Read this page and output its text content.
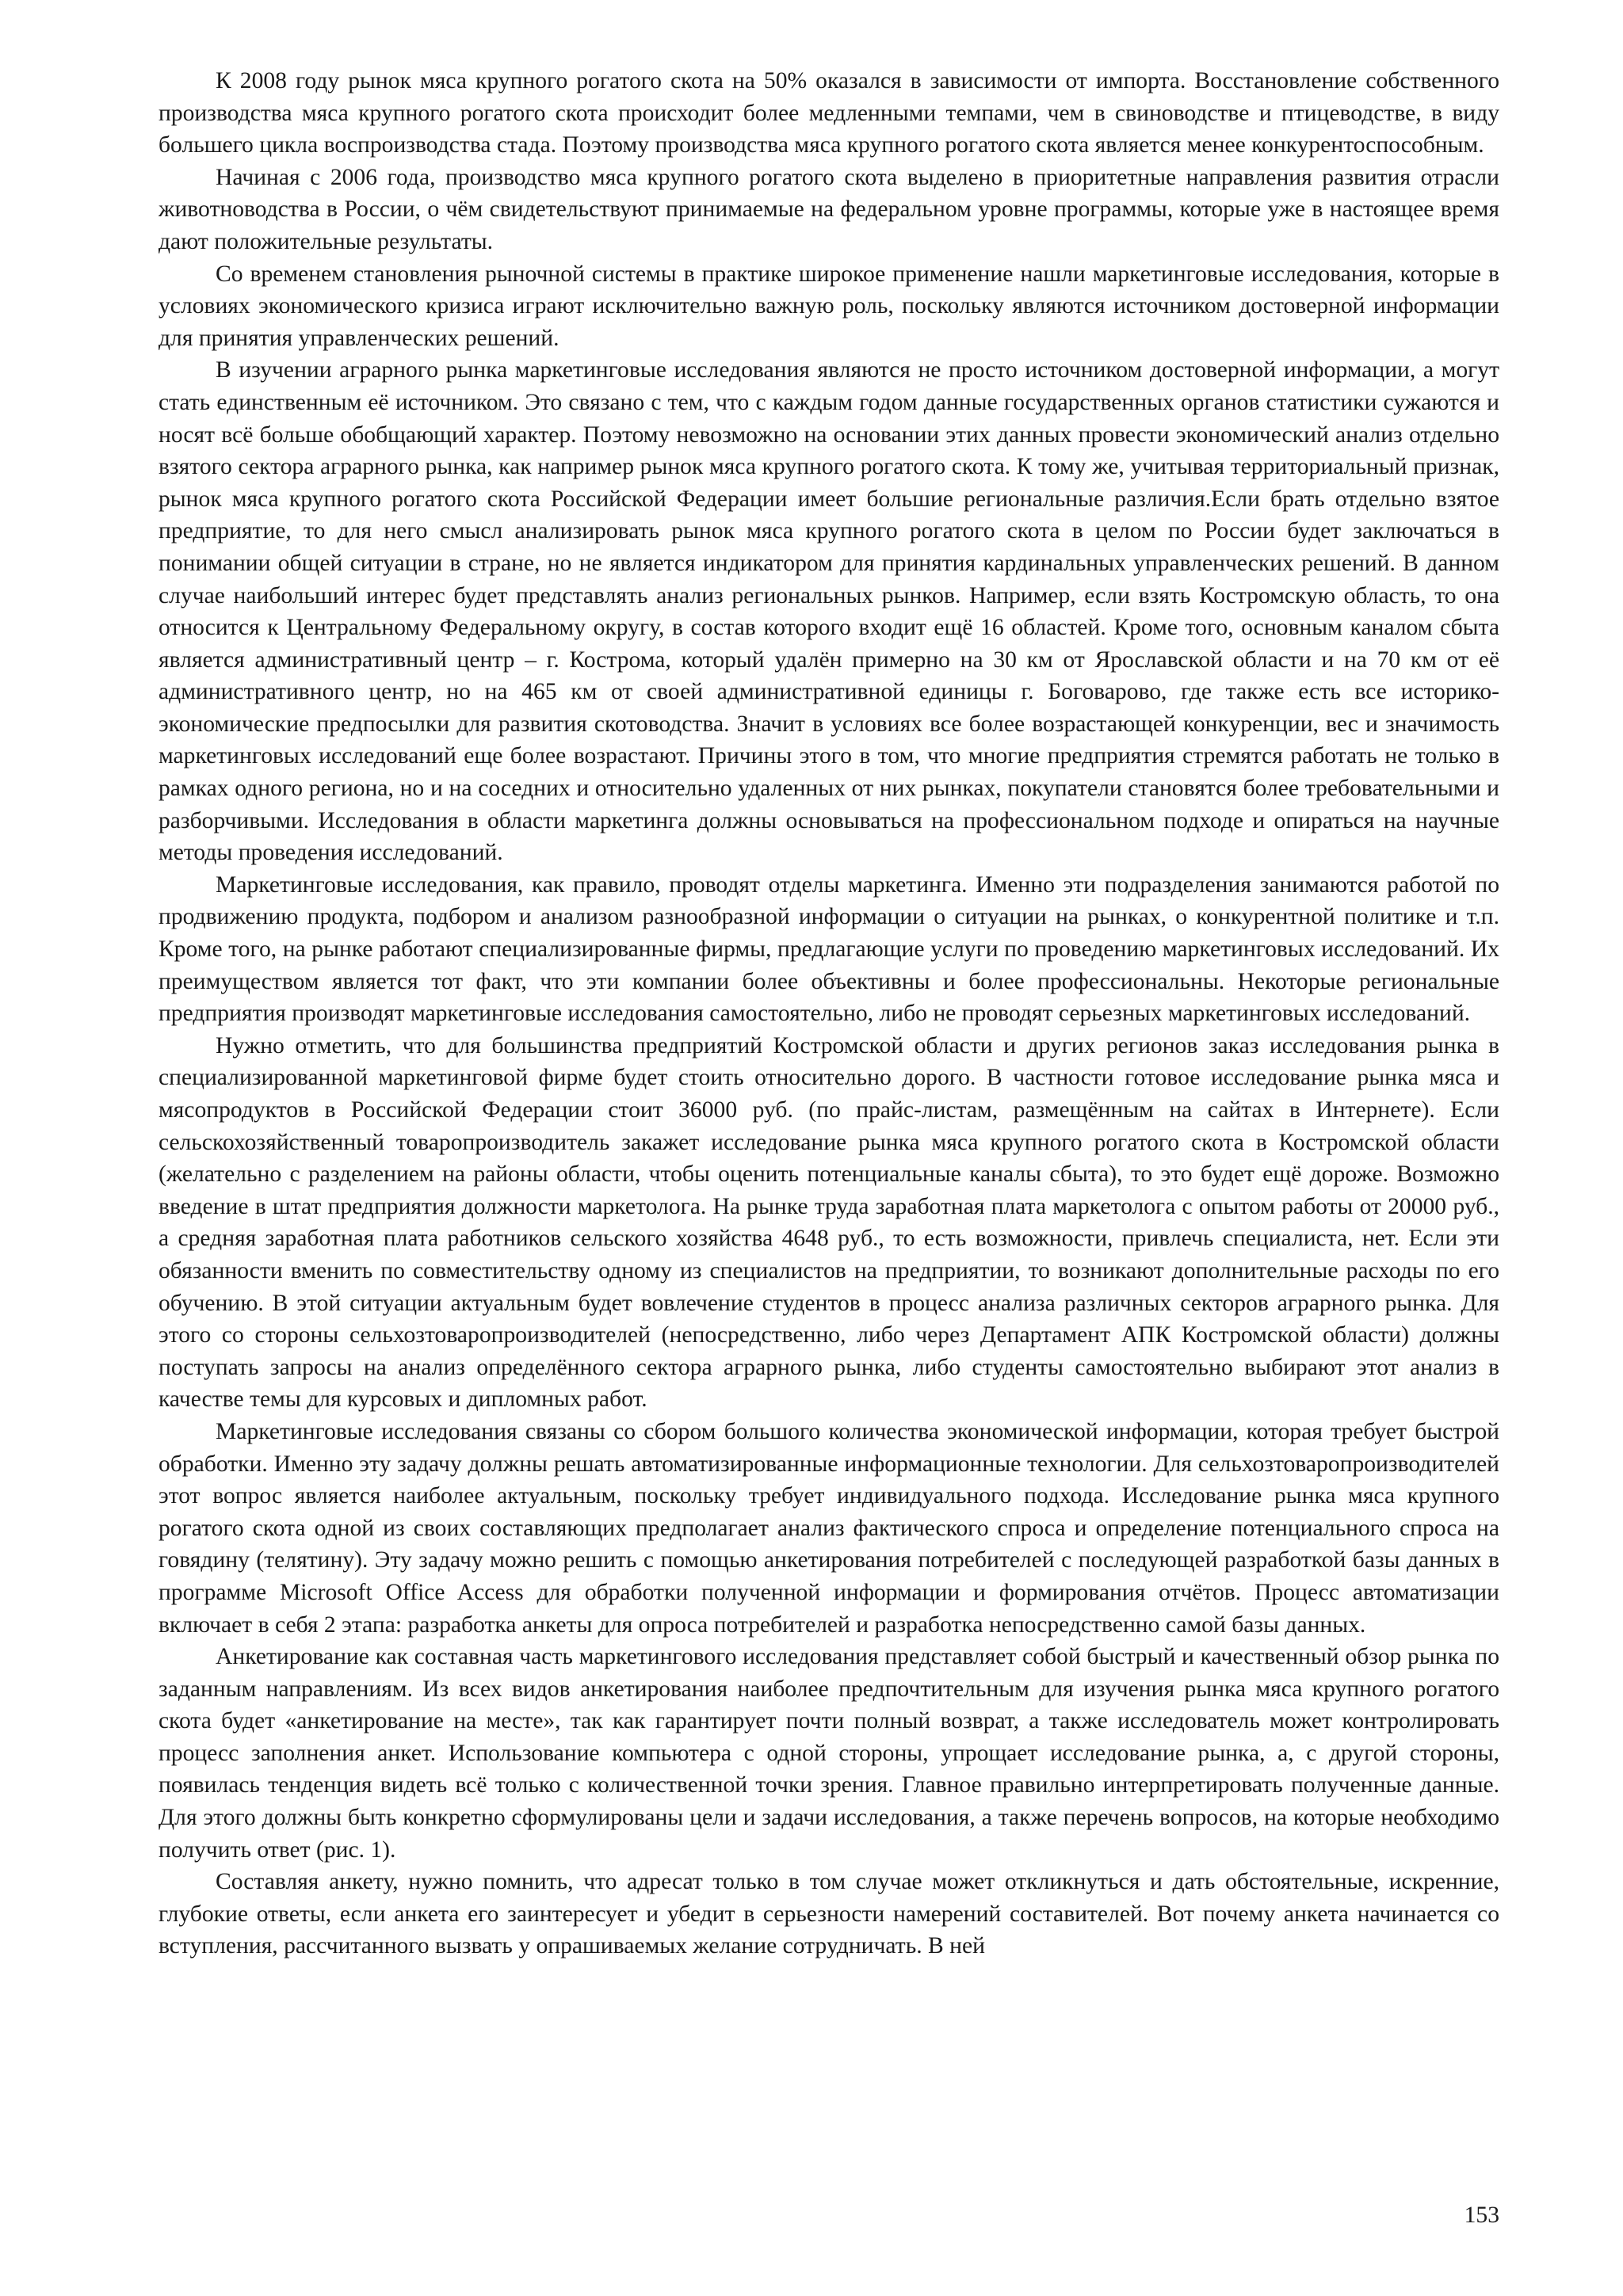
К 2008 году рынок мяса крупного рогатого скота на 50% оказался в зависимости от импорта. Восстановление собственного производства мяса крупного рогатого скота происходит более медленными темпами, чем в свиноводстве и птицеводстве, в виду большего цикла воспроизводства стада. Поэтому производства мяса крупного рогатого скота является менее конкурентоспособным.

Начиная с 2006 года, производство мяса крупного рогатого скота выделено в приоритетные направления развития отрасли животноводства в России, о чём свидетельствуют принимаемые на федеральном уровне программы, которые уже в настоящее время дают положительные результаты.

Со временем становления рыночной системы в практике широкое применение нашли маркетинговые исследования, которые в условиях экономического кризиса играют исключительно важную роль, поскольку являются источником достоверной информации для принятия управленческих решений.

В изучении аграрного рынка маркетинговые исследования являются не просто источником достоверной информации, а могут стать единственным её источником. Это связано с тем, что с каждым годом данные государственных органов статистики сужаются и носят всё больше обобщающий характер. Поэтому невозможно на основании этих данных провести экономический анализ отдельно взятого сектора аграрного рынка, как например рынок мяса крупного рогатого скота. К тому же, учитывая территориальный признак, рынок мяса крупного рогатого скота Российской Федерации имеет большие региональные различия.Если брать отдельно взятое предприятие, то для него смысл анализировать рынок мяса крупного рогатого скота в целом по России будет заключаться в понимании общей ситуации в стране, но не является индикатором для принятия кардинальных управленческих решений. В данном случае наибольший интерес будет представлять анализ региональных рынков. Например, если взять Костромскую область, то она относится к Центральному Федеральному округу, в состав которого входит ещё 16 областей. Кроме того, основным каналом сбыта является административный центр – г. Кострома, который удалён примерно на 30 км от Ярославской области и на 70 км от её административного центр, но на 465 км от своей административной единицы г. Боговарово, где также есть все историко-экономические предпосылки для развития скотоводства. Значит в условиях все более возрастающей конкуренции, вес и значимость маркетинговых исследований еще более возрастают. Причины этого в том, что многие предприятия стремятся работать не только в рамках одного региона, но и на соседних и относительно удаленных от них рынках, покупатели становятся более требовательными и разборчивыми. Исследования в области маркетинга должны основываться на профессиональном подходе и опираться на научные методы проведения исследований.

Маркетинговые исследования, как правило, проводят отделы маркетинга. Именно эти подразделения занимаются работой по продвижению продукта, подбором и анализом разнообразной информации о ситуации на рынках, о конкурентной политике и т.п. Кроме того, на рынке работают специализированные фирмы, предлагающие услуги по проведению маркетинговых исследований. Их преимуществом является тот факт, что эти компании более объективны и более профессиональны. Некоторые региональные предприятия производят маркетинговые исследования самостоятельно, либо не проводят серьезных маркетинговых исследований.

Нужно отметить, что для большинства предприятий Костромской области и других регионов заказ исследования рынка в специализированной маркетинговой фирме будет стоить относительно дорого. В частности готовое исследование рынка мяса и мясопродуктов в Российской Федерации стоит 36000 руб. (по прайс-листам, размещённым на сайтах в Интернете). Если сельскохозяйственный товаропроизводитель закажет исследование рынка мяса крупного рогатого скота в Костромской области (желательно с разделением на районы области, чтобы оценить потенциальные каналы сбыта), то это будет ещё дороже. Возможно введение в штат предприятия должности маркетолога. На рынке труда заработная плата маркетолога с опытом работы от 20000 руб., а средняя заработная плата работников сельского хозяйства 4648 руб., то есть возможности, привлечь специалиста, нет. Если эти обязанности вменить по совместительству одному из специалистов на предприятии, то возникают дополнительные расходы по его обучению. В этой ситуации актуальным будет вовлечение студентов в процесс анализа различных секторов аграрного рынка. Для этого со стороны сельхозтоваропроизводителей (непосредственно, либо через Департамент АПК Костромской области) должны поступать запросы на анализ определённого сектора аграрного рынка, либо студенты самостоятельно выбирают этот анализ в качестве темы для курсовых и дипломных работ.

Маркетинговые исследования связаны со сбором большого количества экономической информации, которая требует быстрой обработки. Именно эту задачу должны решать автоматизированные информационные технологии. Для сельхозтоваропроизводителей этот вопрос является наиболее актуальным, поскольку требует индивидуального подхода. Исследование рынка мяса крупного рогатого скота одной из своих составляющих предполагает анализ фактического спроса и определение потенциального спроса на говядину (телятину). Эту задачу можно решить с помощью анкетирования потребителей с последующей разработкой базы данных в программе Microsoft Office Access для обработки полученной информации и формирования отчётов. Процесс автоматизации включает в себя 2 этапа: разработка анкеты для опроса потребителей и разработка непосредственно самой базы данных.

Анкетирование как составная часть маркетингового исследования представляет собой быстрый и качественный обзор рынка по заданным направлениям. Из всех видов анкетирования наиболее предпочтительным для изучения рынка мяса крупного рогатого скота будет «анкетирование на месте», так как гарантирует почти полный возврат, а также исследователь может контролировать процесс заполнения анкет. Использование компьютера с одной стороны, упрощает исследование рынка, а, с другой стороны, появилась тенденция видеть всё только с количественной точки зрения. Главное правильно интерпретировать полученные данные. Для этого должны быть конкретно сформулированы цели и задачи исследования, а также перечень вопросов, на которые необходимо получить ответ (рис. 1).

Составляя анкету, нужно помнить, что адресат только в том случае может откликнуться и дать обстоятельные, искренние, глубокие ответы, если анкета его заинтересует и убедит в серьезности намерений составителей. Вот почему анкета начинается со вступления, рассчитанного вызвать у опрашиваемых желание сотрудничать. В ней

153
